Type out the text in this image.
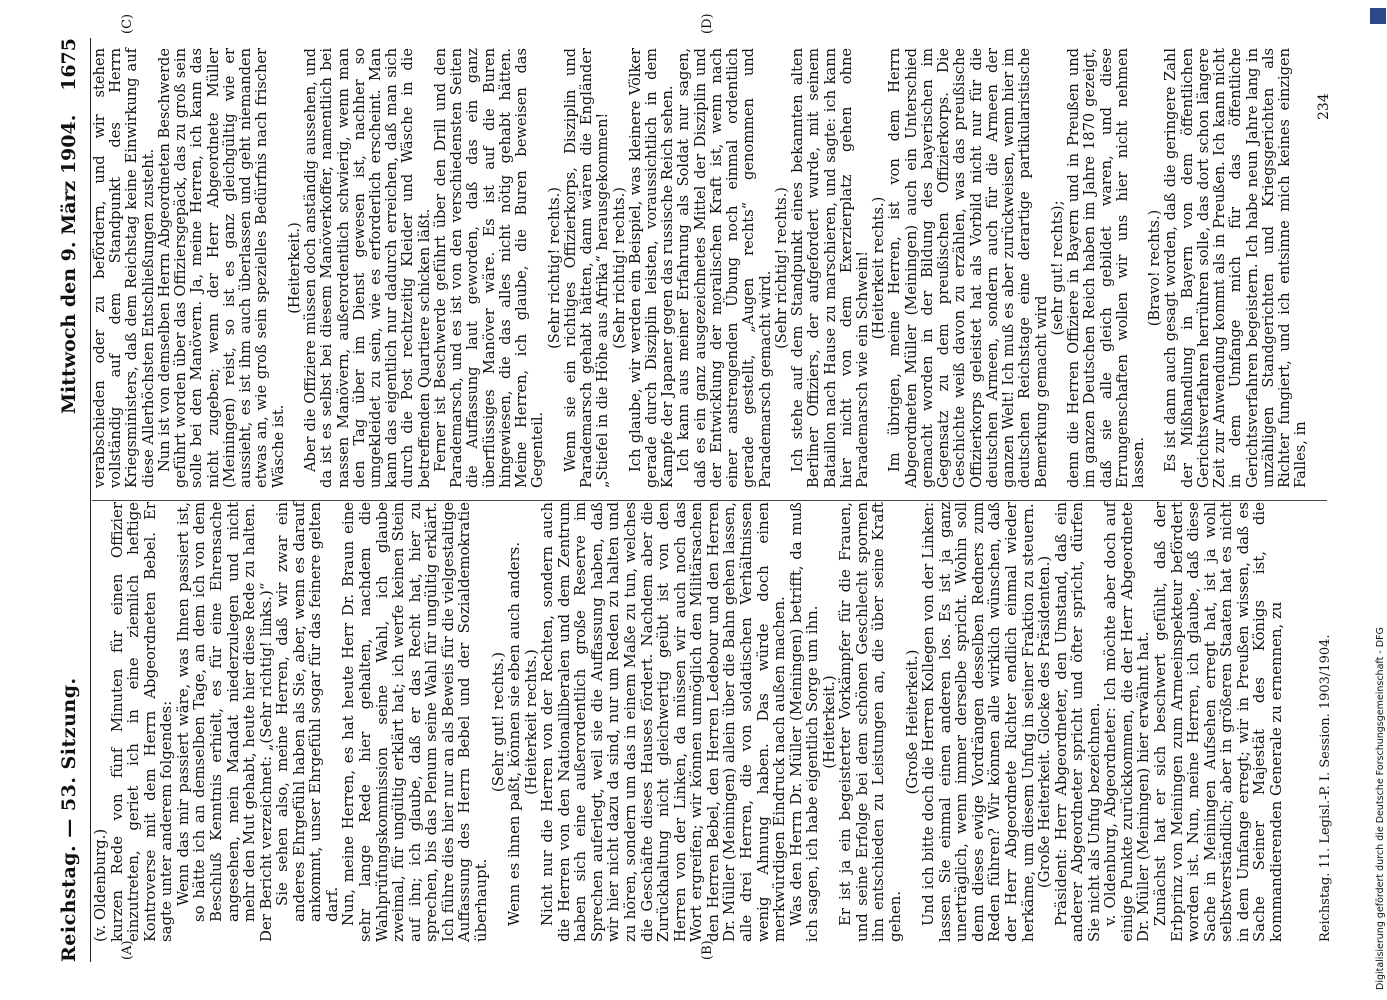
Reichstag. — 53. Sitzung.
Mittwoch den 9. März 1904.
1675
(A)	(B)
(C)	(D)

(v. Oldenburg.)

kurzen Rede von fünf Minuten für einen Offizier einzutreten, geriet ich in eine ziemlich heftige Kontroverse mit dem Herrn Abgeordneten Bebel. Er sagte unter anderem folgendes:

Wenn das mir passiert wäre, was Ihnen passiert ist, so hätte ich an demselben Tage, an dem ich von dem Beschluß Kenntnis erhielt, es für eine Ehrensache angesehen, mein Mandat niederzulegen und nicht mehr den Mut gehabt, heute hier diese Rede zu halten.

Der Bericht verzeichnet: „(Sehr richtig! links.)“

Sie sehen also, meine Herren, daß wir zwar ein anderes Ehrgefühl haben als Sie, aber, wenn es darauf ankommt, unser Ehrgefühl sogar für das feinere gelten darf.

Nun, meine Herren, es hat heute Herr Dr. Braun eine sehr lange Rede hier gehalten, nachdem die Wahlprüfungskommission seine Wahl, ich glaube zweimal, für ungültig erklärt hat; ich werfe keinen Stein auf ihn; ich glaube, daß er das Recht hat, hier zu sprechen, bis das Plenum seine Wahl für ungültig erklärt. Ich führe dies hier nur an als Beweis für die vielgestaltige Auffassung des Herrn Bebel und der Sozialdemokratie überhaupt.

(Sehr gut! rechts.)

Wenn es ihnen paßt, können sie eben auch anders.

(Heiterkeit rechts.)

Nicht nur die Herren von der Rechten, sondern auch die Herren von den Nationalliberalen und dem Zentrum haben sich eine außerordentlich große Reserve im Sprechen auferlegt, weil sie die Auffassung haben, daß wir hier nicht dazu da sind, nur um Reden zu halten und zu hören, sondern um das in einem Maße zu tun, welches die Geschäfte dieses Hauses fördert. Nachdem aber die Zurückhaltung nicht gleichwertig geübt ist von den Herren von der Linken, da müssen wir auch noch das Wort ergreifen; wir können unmöglich den Militärsachen den Herren Bebel, den Herren Ledebour und den Herren Dr. Müller (Meiningen) allein über die Bahn gehen lassen, alle drei Herren, die von soldatischen Verhältnissen wenig Ahnung haben. Das würde doch einen merkwürdigen Eindruck nach außen machen.

Was den Herrn Dr. Müller (Meiningen) betrifft, da muß ich sagen, ich habe eigentlich Sorge um ihn.

(Heiterkeit.)

Er ist ja ein begeisterter Vorkämpfer für die Frauen, und seine Erfolge bei dem schönen Geschlecht spornen ihn entschieden zu Leistungen an, die über seine Kraft gehen.

(Große Heiterkeit.)

Und ich bitte doch die Herren Kollegen von der Linken: lassen Sie einmal einen anderen los. Es ist ja ganz unerträglich, wenn immer derselbe spricht. Wohin soll denn dieses ewige Vordrängen desselben Redners zum Reden führen? Wir können alle wirklich wünschen, daß der Herr Abgeordnete Richter endlich einmal wieder herkäme, um diesem Unfug in seiner Fraktion zu steuern.

(Große Heiterkeit. Glocke des Präsidenten.)

Präsident: Herr Abgeordneter, den Umstand, daß ein anderer Abgeordneter spricht und öfter spricht, dürfen Sie nicht als Unfug bezeichnen.

v. Oldenburg, Abgeordneter: Ich möchte aber doch auf einige Punkte zurückkommen, die der Herr Abgeordnete Dr. Müller (Meiningen) hier erwähnt hat.

Zunächst hat er sich beschwert gefühlt, daß der Erbprinz von Meiningen zum Armeeinspekteur befördert worden ist. Nun, meine Herren, ich glaube, daß diese Sache in Meiningen Aufsehen erregt hat, ist ja wohl selbstverständlich; aber in größeren Staaten hat es nicht in dem Umfange erregt; wir in Preußen wissen, daß es Sache Seiner Majestät des Königs ist, die kommandierenden Generale zu ernennen, zu

verabschieden oder zu befördern, und wir stehen vollständig auf dem Standpunkt des Herrn Kriegsministers, daß dem Reichstag keine Einwirkung auf diese Allerhöchsten Entschließungen zusteht. Nun ist von demselben Herrn Abgeordneten Beschwerde geführt worden über das Offiziersgepäck, das zu groß sein solle bei den Manövern. Ja, meine Herren, ich kann das nicht zugeben; wenn der Herr Abgeordnete Müller (Meiningen) reist, so ist es ganz gleichgültig wie er aussieht, es ist ihm auch überlassen und geht niemanden etwas an, wie groß sein spezielles Bedürfnis nach frischer Wäsche ist.

(Heiterkeit.) Aber die Offiziere müssen doch anständig aussehen, und da ist es selbst bei diesem Manöverkoffer, namentlich bei nassen Manövern, außerordentlich schwierig, wenn man den Tag über im Dienst gewesen ist, nachher so umgekleidet zu sein, wie es erforderlich erscheint. Man kann das eigentlich nur dadurch erreichen, daß man sich durch die Post rechtzeitig Kleider und Wäsche in die betreffenden Quartiere schicken läßt. Ferner ist Beschwerde geführt über den Drill und den Parademarsch, und es ist von den verschiedensten Seiten die Auffassung laut geworden, daß das ein ganz überflüssiges Manöver wäre. Es ist auf die Buren hingewiesen, die das alles nicht nötig gehabt hätten. Meine Herren, ich glaube, die Buren beweisen das Gegenteil.

(Sehr richtig! rechts.) Wenn sie ein richtiges Offizierkorps, Disziplin und Parademarsch gehabt hätten, dann wären die Engländer „Stiefel in die Höhe aus Afrika“ herausgekommen! (Sehr richtig! rechts.) Ich glaube, wir werden ein Beispiel, was kleinere Völker gerade durch Disziplin leisten, voraussichtlich in dem Kampfe der Japaner gegen das russische Reich sehen. Ich kann aus meiner Erfahrung als Soldat nur sagen, daß es ein ganz ausgezeichnetes Mittel der Disziplin und der Entwicklung der moralischen Kraft ist, wenn nach einer anstrengenden Übung noch einmal ordentlich gerade gestellt, „Augen rechts“ genommen und Parademarsch gemacht wird.

(Sehr richtig! rechts.) Ich stehe auf dem Standpunkt eines bekannten alten Berliner Offiziers, der aufgefordert wurde, mit seinem Bataillon nach Hause zu marschieren, und sagte: ich kann hier nicht von dem Exerzierplatz gehen ohne Parademarsch wie ein Schwein! (Heiterkeit rechts.) Im übrigen, meine Herren, ist von dem Herrn Abgeordneten Müller (Meiningen) auch ein Unterschied gemacht worden in der Bildung des bayerischen im Gegensatz zu dem preußischen Offizierkorps. Die Geschichte weiß davon zu erzählen, was das preußische Offizierkorps geleistet hat als Vorbild nicht nur für die deutschen Armeen, sondern auch für die Armeen der ganzen Welt! Ich muß es aber zurückweisen, wenn hier im deutschen Reichstage eine derartige partikularistische Bemerkung gemacht wird

(sehr gut! rechts); denn die Herren Offiziere in Bayern und in Preußen und im ganzen Deutschen Reich haben im Jahre 1870 gezeigt, daß sie alle gleich gebildet waren, und diese Errungenschaften wollen wir uns hier nicht nehmen lassen.

(Bravo! rechts.) Es ist dann auch gesagt worden, daß die geringere Zahl der Mißhandlung in Bayern von dem öffentlichen Gerichtsverfahren herrühren solle, das dort schon längere Zeit zur Anwendung kommt als in Preußen. Ich kann nicht in dem Umfange mich für das öffentliche Gerichtsverfahren begeistern. Ich habe neun Jahre lang in unzähligen Standgerichten und Kriegsgerichten als Richter fungiert, und ich entsinne mich keines einzigen Falles, in

Reichstag. 11. Legisl.-P. I. Session. 1903/1904.
234
Digitalisierung gefördert durch die Deutsche Forschungsgemeinschaft - DFG
